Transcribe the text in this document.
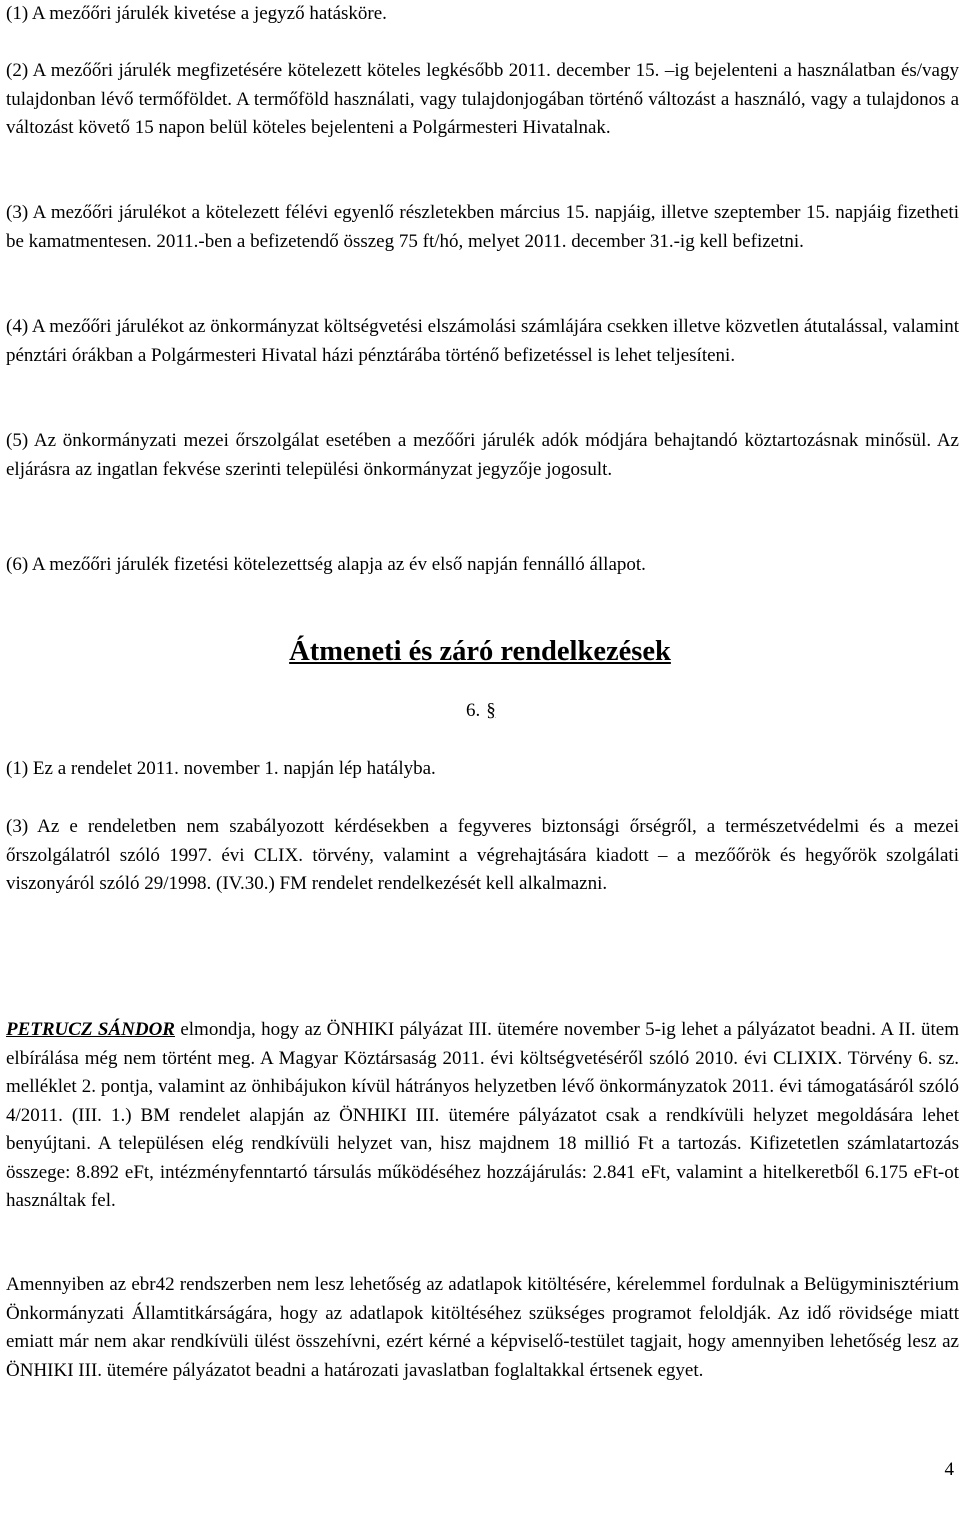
(1) A mezőőri járulék kivetése a jegyző hatásköre.

(2) A mezőőri járulék megfizetésére kötelezett köteles legkésőbb 2011. december 15. –ig bejelenteni a használatban és/vagy tulajdonban lévő termőföldet. A termőföld használati, vagy tulajdonjogában történő változást a használó, vagy a tulajdonos a változást követő 15 napon belül köteles bejelenteni a Polgármesteri Hivatalnak.

(3) A mezőőri járulékot a kötelezett félévi egyenlő részletekben március 15. napjáig, illetve szeptember 15. napjáig fizetheti be kamatmentesen. 2011.-ben a befizetendő összeg 75 ft/hó, melyet 2011. december 31.-ig kell befizetni.

(4) A mezőőri járulékot az önkormányzat költségvetési elszámolási számlájára csekken illetve közvetlen átutalással, valamint pénztári órákban a Polgármesteri Hivatal házi pénztárába történő befizetéssel is lehet teljesíteni.

(5) Az önkormányzati mezei őrszolgálat esetében a mezőőri járulék adók módjára behajtandó köztartozásnak minősül. Az eljárásra az ingatlan fekvése szerinti települési önkormányzat jegyzője jogosult.

(6) A mezőőri járulék fizetési kötelezettség alapja az év első napján fennálló állapot.

Átmeneti és záró rendelkezések
6. §

(1) Ez a rendelet 2011. november 1. napján lép hatályba.

(3) Az e rendeletben nem szabályozott kérdésekben a fegyveres biztonsági őrségről, a természetvédelmi és a mezei őrszolgálatról szóló 1997. évi CLIX. törvény, valamint a végrehajtására kiadott – a mezőőrök és hegyőrök szolgálati viszonyáról szóló 29/1998. (IV.30.) FM rendelet rendelkezését kell alkalmazni.

PETRUCZ SÁNDOR elmondja, hogy az ÖNHIKI pályázat III. ütemére november 5-ig lehet a pályázatot beadni. A II. ütem elbírálása még nem történt meg. A Magyar Köztársaság 2011. évi költségvetéséről szóló 2010. évi CLIXIX. Törvény 6. sz. melléklet 2. pontja, valamint az önhibájukon kívül hátrányos helyzetben lévő önkormányzatok 2011. évi támogatásáról szóló 4/2011. (III. 1.) BM rendelet alapján az ÖNHIKI III. ütemére pályázatot csak a rendkívüli helyzet megoldására lehet benyújtani. A településen elég rendkívüli helyzet van, hisz majdnem 18 millió Ft a tartozás. Kifizetetlen számlatartozás összege: 8.892 eFt, intézményfenntartó társulás működéséhez hozzájárulás: 2.841 eFt, valamint a hitelkeretből 6.175 eFt-ot használtak fel.

Amennyiben az ebr42 rendszerben nem lesz lehetőség az adatlapok kitöltésére, kérelemmel fordulnak a Belügyminisztérium Önkormányzati Államtitkárságára, hogy az adatlapok kitöltéséhez szükséges programot feloldják. Az idő rövidsége miatt emiatt már nem akar rendkívüli ülést összehívni, ezért kérné a képviselő-testület tagjait, hogy amennyiben lehetőség lesz az ÖNHIKI III. ütemére pályázatot beadni a határozati javaslatban foglaltakkal értsenek egyet.

4
